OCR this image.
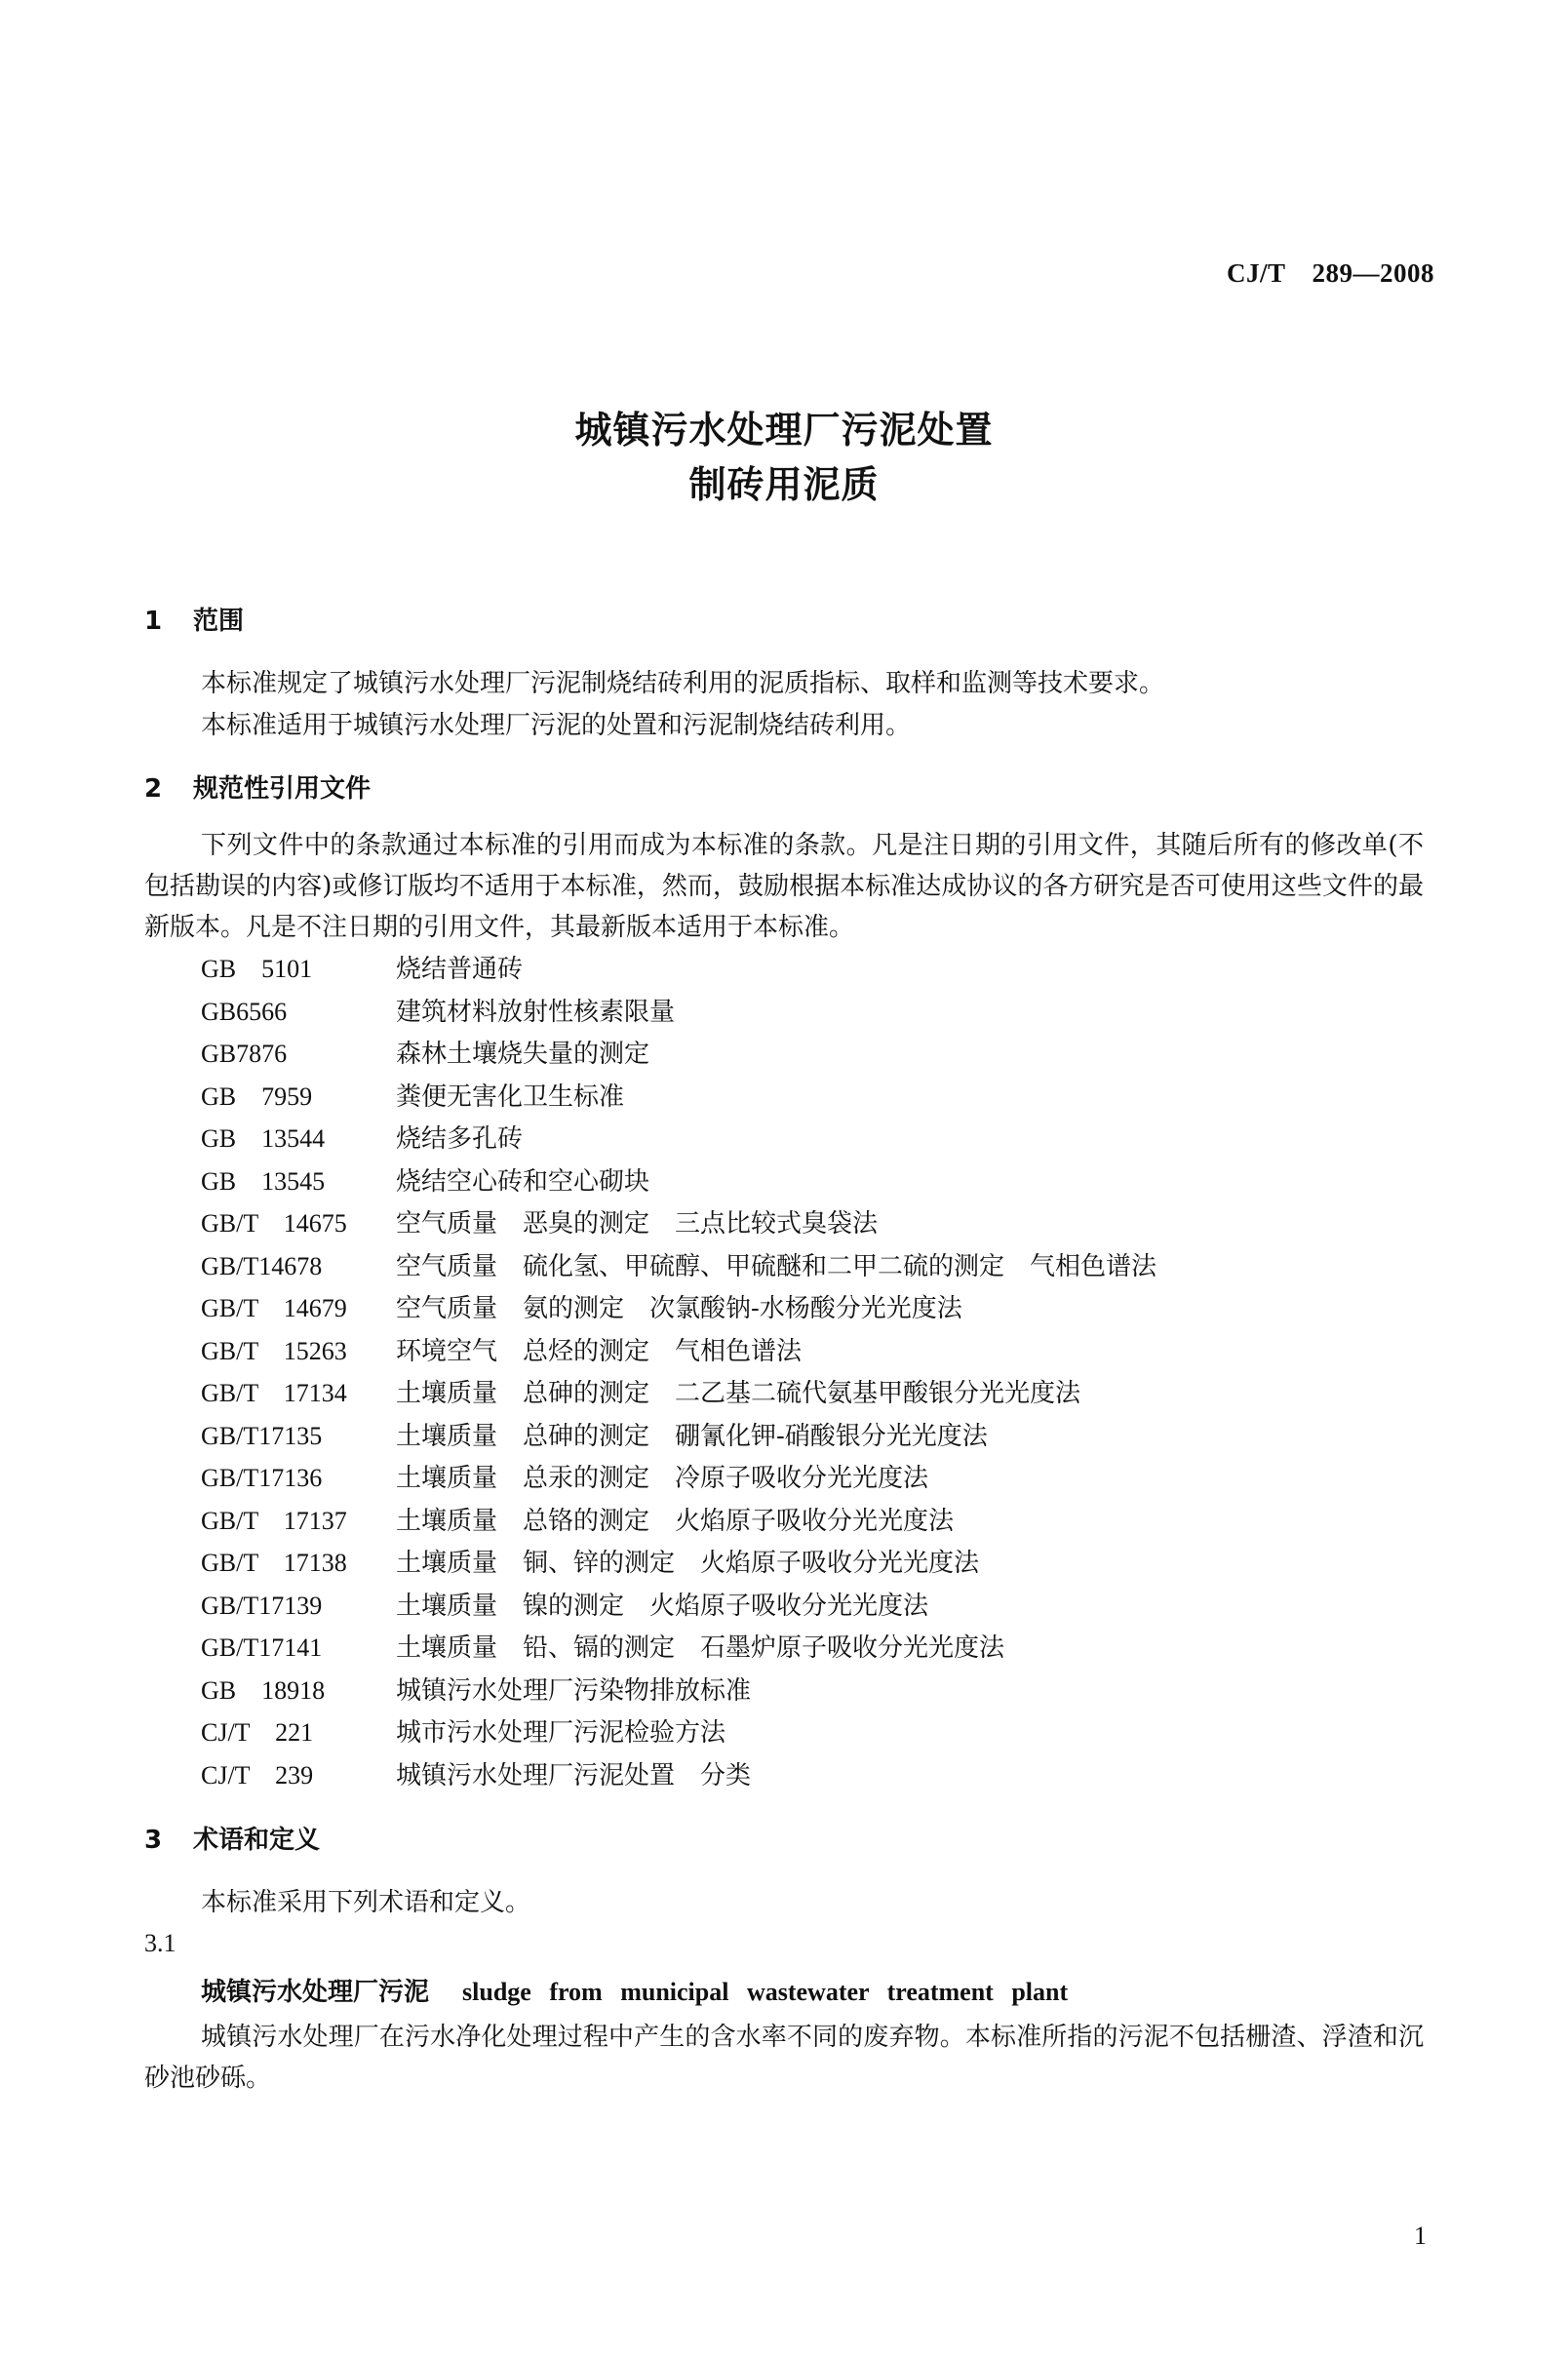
CJ/T　289—2008
城镇污水处理厂污泥处置
制砖用泥质
1 范围
本标准规定了城镇污水处理厂污泥制烧结砖利用的泥质指标、取样和监测等技术要求。
本标准适用于城镇污水处理厂污泥的处置和污泥制烧结砖利用。
2 规范性引用文件

下列文件中的条款通过本标准的引用而成为本标准的条款。凡是注日期的引用文件，其随后所有的修改单(不包括勘误的内容)或修订版均不适用于本标准，然而，鼓励根据本标准达成协议的各方研究是否可使用这些文件的最新版本。凡是不注日期的引用文件，其最新版本适用于本标准。

GB　5101	烧结普通砖
GB6566	建筑材料放射性核素限量
GB7876	森林土壤烧失量的测定
GB　7959	粪便无害化卫生标准
GB　13544	烧结多孔砖
GB　13545	烧结空心砖和空心砌块
GB/T　14675 空气质量　恶臭的测定　三点比较式臭袋法
GB/T14678	空气质量　硫化氢、甲硫醇、甲硫醚和二甲二硫的测定　气相色谱法
GB/T　14679 空气质量　氨的测定　次氯酸钠-水杨酸分光光度法
GB/T　15263 环境空气　总烃的测定　气相色谱法
GB/T　17134 土壤质量　总砷的测定　二乙基二硫代氨基甲酸银分光光度法
GB/T17135	土壤质量　总砷的测定　硼氰化钾-硝酸银分光光度法
GB/T17136	土壤质量　总汞的测定　冷原子吸收分光光度法
GB/T　17137 土壤质量　总铬的测定　火焰原子吸收分光光度法
GB/T　17138 土壤质量　铜、锌的测定　火焰原子吸收分光光度法
GB/T17139	土壤质量　镍的测定　火焰原子吸收分光光度法
GB/T17141	土壤质量　铅、镉的测定　石墨炉原子吸收分光光度法
GB　18918	城镇污水处理厂污染物排放标准
CJ/T　221	城市污水处理厂污泥检验方法
CJ/T　239	城镇污水处理厂污泥处置　分类
3 术语和定义
本标准采用下列术语和定义。
3.1
城镇污水处理厂污泥 sludge from municipal wastewater treatment plant

城镇污水处理厂在污水净化处理过程中产生的含水率不同的废弃物。本标准所指的污泥不包括栅渣、浮渣和沉砂池砂砾。

1
